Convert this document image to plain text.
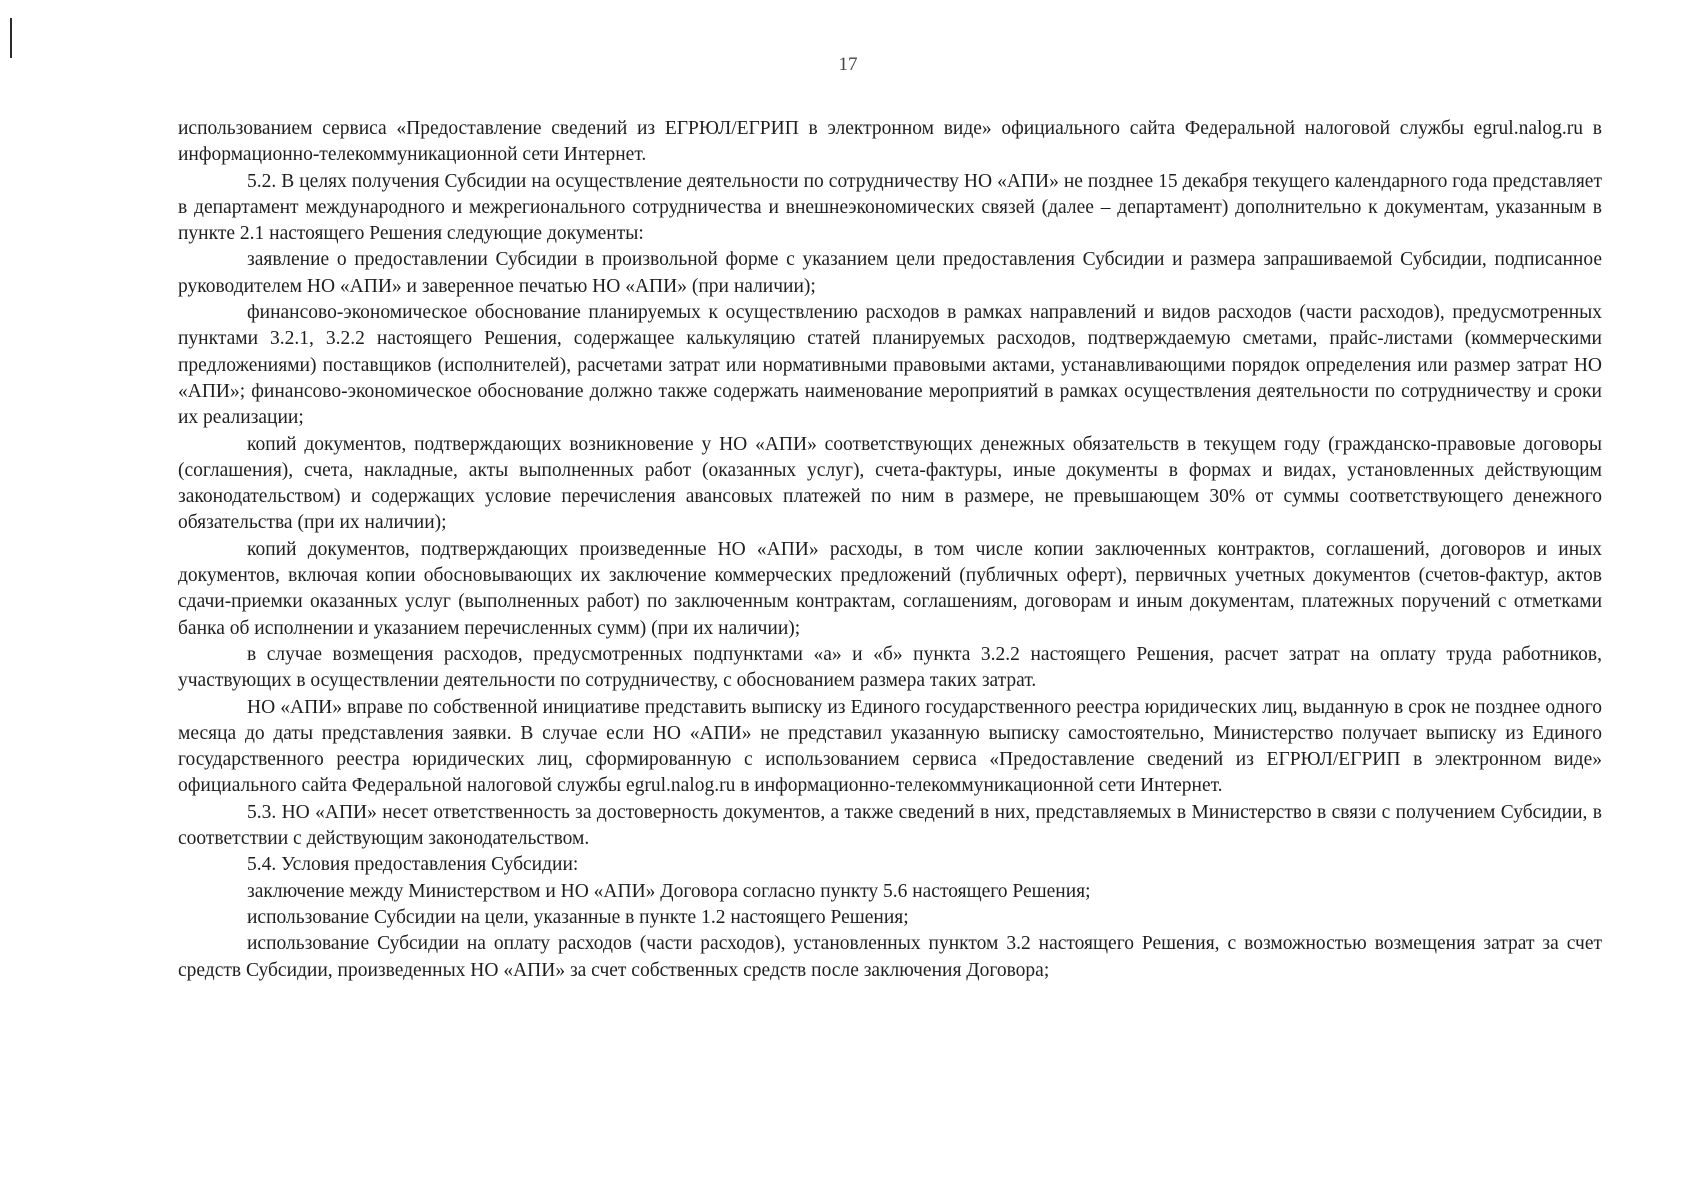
17

использованием сервиса «Предоставление сведений из ЕГРЮЛ/ЕГРИП в электронном виде» официального сайта Федеральной налоговой службы egrul.nalog.ru в информационно-телекоммуникационной сети Интернет.

5.2. В целях получения Субсидии на осуществление деятельности по сотрудничеству НО «АПИ» не позднее 15 декабря текущего календарного года представляет в департамент международного и межрегионального сотрудничества и внешнеэкономических связей (далее – департамент) дополнительно к документам, указанным в пункте 2.1 настоящего Решения следующие документы:

заявление о предоставлении Субсидии в произвольной форме с указанием цели предоставления Субсидии и размера запрашиваемой Субсидии, подписанное руководителем НО «АПИ» и заверенное печатью НО «АПИ» (при наличии);

финансово-экономическое обоснование планируемых к осуществлению расходов в рамках направлений и видов расходов (части расходов), предусмотренных пунктами 3.2.1, 3.2.2 настоящего Решения, содержащее калькуляцию статей планируемых расходов, подтверждаемую сметами, прайс-листами (коммерческими предложениями) поставщиков (исполнителей), расчетами затрат или нормативными правовыми актами, устанавливающими порядок определения или размер затрат НО «АПИ»; финансово-экономическое обоснование должно также содержать наименование мероприятий в рамках осуществления деятельности по сотрудничеству и сроки их реализации;

копий документов, подтверждающих возникновение у НО «АПИ» соответствующих денежных обязательств в текущем году (гражданско-правовые договоры (соглашения), счета, накладные, акты выполненных работ (оказанных услуг), счета-фактуры, иные документы в формах и видах, установленных действующим законодательством) и содержащих условие перечисления авансовых платежей по ним в размере, не превышающем 30% от суммы соответствующего денежного обязательства (при их наличии);

копий документов, подтверждающих произведенные НО «АПИ» расходы, в том числе копии заключенных контрактов, соглашений, договоров и иных документов, включая копии обосновывающих их заключение коммерческих предложений (публичных оферт), первичных учетных документов (счетов-фактур, актов сдачи-приемки оказанных услуг (выполненных работ) по заключенным контрактам, соглашениям, договорам и иным документам, платежных поручений с отметками банка об исполнении и указанием перечисленных сумм) (при их наличии);

в случае возмещения расходов, предусмотренных подпунктами «а» и «б» пункта 3.2.2 настоящего Решения, расчет затрат на оплату труда работников, участвующих в осуществлении деятельности по сотрудничеству, с обоснованием размера таких затрат.

НО «АПИ» вправе по собственной инициативе представить выписку из Единого государственного реестра юридических лиц, выданную в срок не позднее одного месяца до даты представления заявки. В случае если НО «АПИ» не представил указанную выписку самостоятельно, Министерство получает выписку из Единого государственного реестра юридических лиц, сформированную с использованием сервиса «Предоставление сведений из ЕГРЮЛ/ЕГРИП в электронном виде» официального сайта Федеральной налоговой службы egrul.nalog.ru в информационно-телекоммуникационной сети Интернет.

5.3. НО «АПИ» несет ответственность за достоверность документов, а также сведений в них, представляемых в Министерство в связи с получением Субсидии, в соответствии с действующим законодательством.

5.4. Условия предоставления Субсидии:

заключение между Министерством и НО «АПИ» Договора согласно пункту 5.6 настоящего Решения;

использование Субсидии на цели, указанные в пункте 1.2 настоящего Решения;

использование Субсидии на оплату расходов (части расходов), установленных пунктом 3.2 настоящего Решения, с возможностью возмещения затрат за счет средств Субсидии, произведенных НО «АПИ» за счет собственных средств после заключения Договора;
